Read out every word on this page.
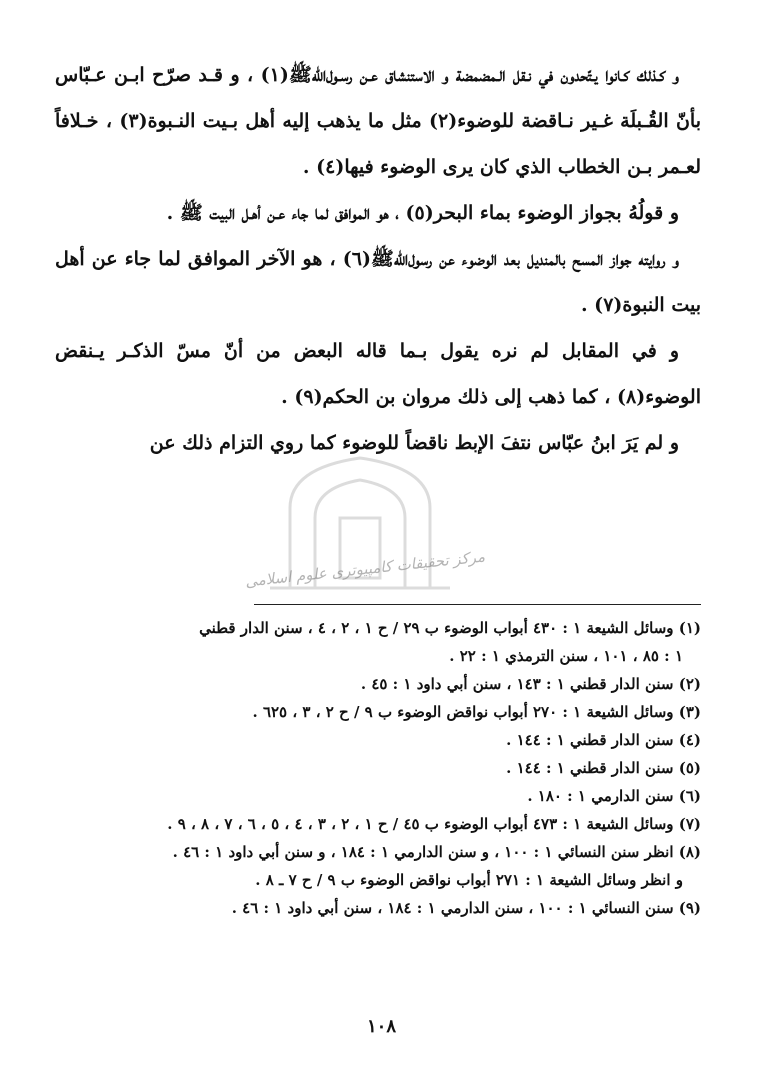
مرکز تحقیقات کامپیوتری علوم اسلامی

و كـذلك كـانوا يـتّحدون في نـقل الـمضمضة و الاستنشاق عـن رسـول‌الله‌ﷺ(١) ، و قـد صرّح ابـن عـبّاس بأنّ القُـبلَة غـير نـاقضة للوضوء(٢) مثل ما يذهب إليه أهل بـيت النـبوة(٣) ، خـلافاً لعـمر بـن الخطاب الذي كان يرى الوضوء فيها(٤) .

و قولُهُ بجواز الوضوء بماء البحر(٥) ، هو الموافق لما جاء عـن أهـل البيت ﷺ .

و روايته جواز المسح بالمنديل بعد الوضوء عن رسول‌الله‌ﷺ(٦) ، هو الآخر الموافق لما جاء عن أهل بيت النبوة(٧) .

و في المقابل لم نره يقول بـما قاله البعض من أنّ مسّ الذكـر يـنقض الوضوء(٨) ، كما ذهب إلى ذلك مروان بن الحكم(٩) .

و لم يَرَ ابنُ عبّاس نتفَ الإبط ناقضاً للوضوء كما روي التزام ذلك عن

(١) وسائل الشيعة ١ : ٤٣٠ أبواب الوضوء ب ٢٩ / ح ١ ، ٢ ، ٤ ، سنن الدار قطني

١ : ٨٥ ، ١٠١ ، سنن الترمذي ١ : ٢٢ .

(٢) سنن الدار قطني ١ : ١٤٣ ، سنن أبي داود ١ : ٤٥ .

(٣) وسائل الشيعة ١ : ٢٧٠ أبواب نواقض الوضوء ب ٩ / ح ٢ ، ٣ ، ٦٢٥ .

(٤) سنن الدار قطني ١ : ١٤٤ .

(٥) سنن الدار قطني ١ : ١٤٤ .

(٦) سنن الدارمي ١ : ١٨٠ .

(٧) وسائل الشيعة ١ : ٤٧٣ أبواب الوضوء ب ٤٥ / ح ١ ، ٢ ، ٣ ، ٤ ، ٥ ، ٦ ، ٧ ، ٨ ، ٩ .

(٨) انظر سنن النسائي ١ : ١٠٠ ، و سنن الدارمي ١ : ١٨٤ ، و سنن أبي داود ١ : ٤٦ .

و انظر وسائل الشيعة ١ : ٢٧١ أبواب نواقض الوضوء ب ٩ / ح ٧ ـ ٨ .

(٩) سنن النسائي ١ : ١٠٠ ، سنن الدارمي ١ : ١٨٤ ، سنن أبي داود ١ : ٤٦ .

١٠٨
